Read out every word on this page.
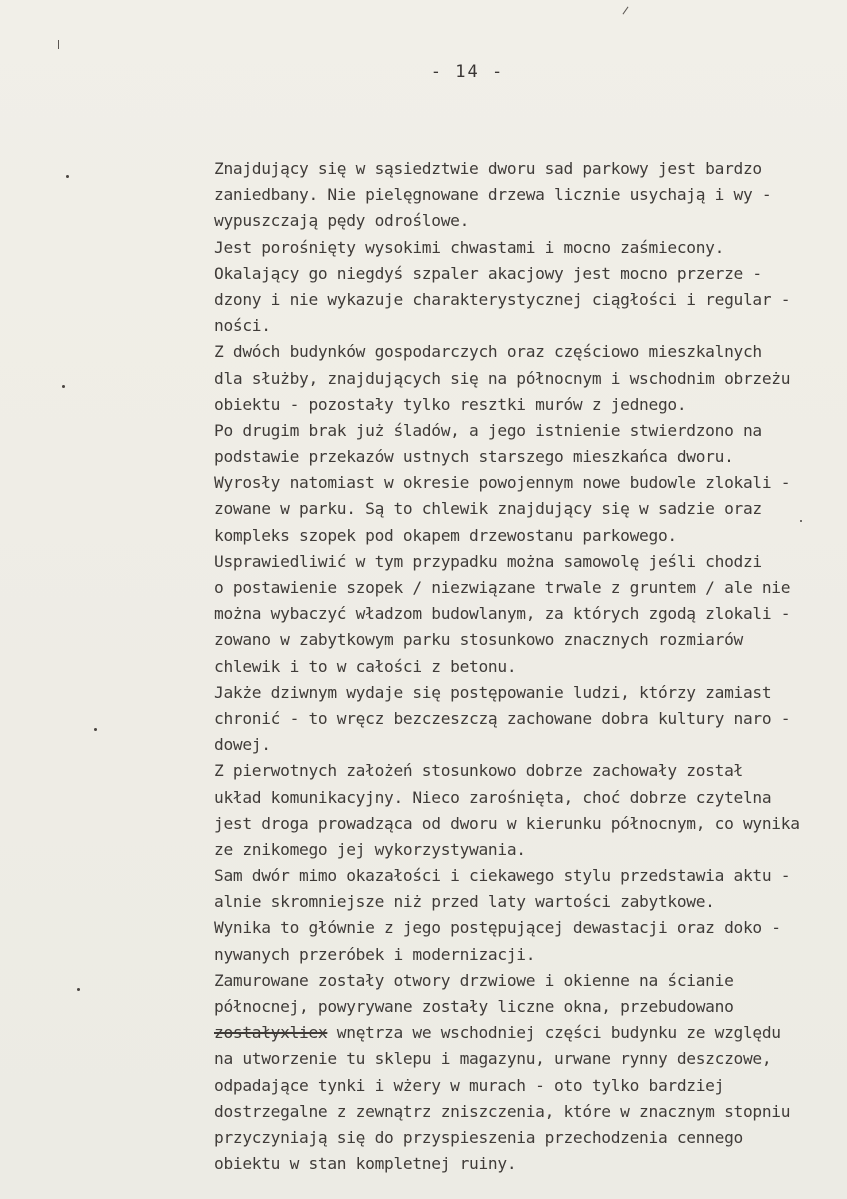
- 14 -
Znajdujący się w sąsiedztwie dworu sad parkowy jest bardzo
zaniedbany. Nie pielęgnowane drzewa licznie usychają i wy -
wypuszczają pędy odroślowe.
Jest porośnięty wysokimi chwastami i mocno zaśmiecony.
Okalający go niegdyś szpaler akacjowy jest mocno przerze -
dzony i nie wykazuje charakterystycznej ciągłości i regular -
ności.
Z dwóch budynków gospodarczych oraz częściowo mieszkalnych
dla służby, znajdujących się na północnym i wschodnim obrzeżu
obiektu - pozostały tylko resztki murów z jednego.
Po drugim brak już śladów, a jego istnienie stwierdzono na
podstawie przekazów ustnych starszego mieszkańca dworu.
Wyrosły natomiast w okresie powojennym nowe budowle zlokali -
zowane w parku. Są to chlewik znajdujący się w sadzie oraz
kompleks szopek pod okapem drzewostanu parkowego.
Usprawiedliwić w tym przypadku można samowolę jeśli chodzi
o postawienie szopek / niezwiązane trwale z gruntem / ale nie
można wybaczyć władzom budowlanym, za których zgodą zlokali -
zowano w zabytkowym parku stosunkowo znacznych rozmiarów
chlewik i to w całości z betonu.
Jakże dziwnym wydaje się postępowanie ludzi, którzy zamiast
chronić - to wręcz bezczeszczą zachowane dobra kultury naro -
dowej.
Z pierwotnych założeń stosunkowo dobrze zachowały został
układ komunikacyjny. Nieco zarośnięta, choć dobrze czytelna
jest droga prowadząca od dworu w kierunku północnym, co wynika
ze znikomego jej wykorzystywania.
Sam dwór mimo okazałości i ciekawego stylu przedstawia aktu -
alnie skromniejsze niż przed laty wartości zabytkowe.
Wynika to głównie z jego postępującej dewastacji oraz doko -
nywanych przeróbek i modernizacji.
Zamurowane zostały otwory drzwiowe i okienne na ścianie
północnej, powyrywane zostały liczne okna, przebudowano
zostałyxliex wnętrza we wschodniej części budynku ze względu
na utworzenie tu sklepu i magazynu, urwane rynny deszczowe,
odpadające tynki i wżery w murach - oto tylko bardziej
dostrzegalne z zewnątrz zniszczenia, które w znacznym stopniu
przyczyniają się do przyspieszenia przechodzenia cennego
obiektu w stan kompletnej ruiny.
